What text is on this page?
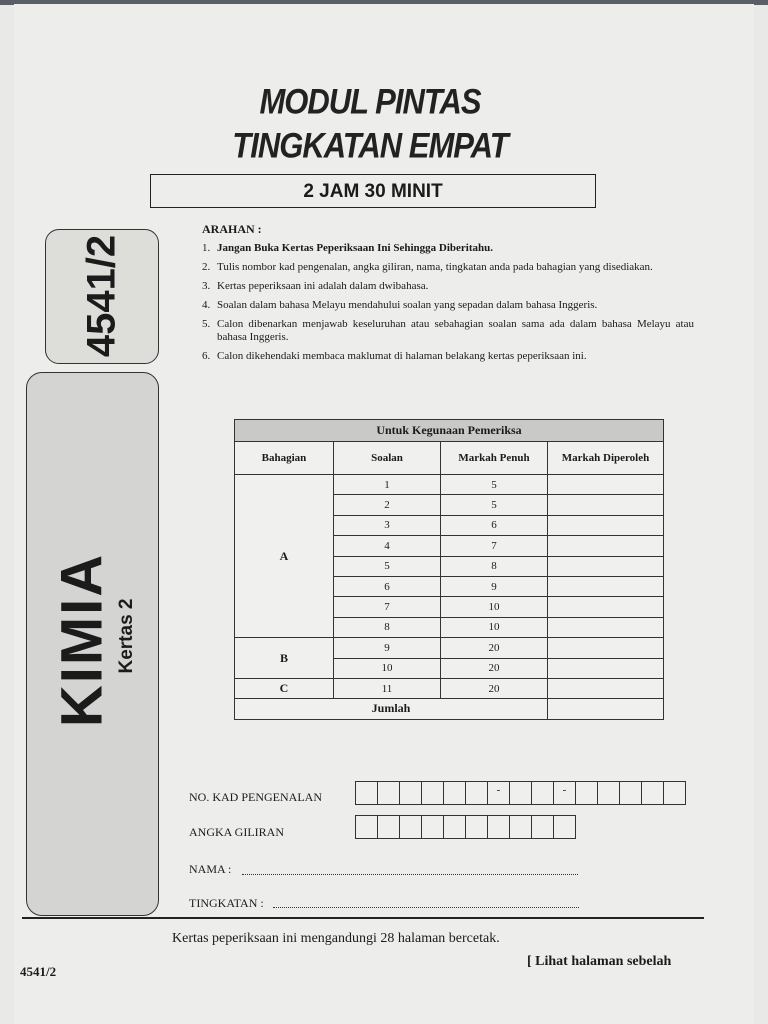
MODUL PINTAS
TINGKATAN EMPAT
2 JAM 30 MINIT
4541/2
KIMIA Kertas 2
ARAHAN :
1. Jangan Buka Kertas Peperiksaan Ini Sehingga Diberitahu.
2. Tulis nombor kad pengenalan, angka giliran, nama, tingkatan anda pada bahagian yang disediakan.
3. Kertas peperiksaan ini adalah dalam dwibahasa.
4. Soalan dalam bahasa Melayu mendahului soalan yang sepadan dalam bahasa Inggeris.
5. Calon dibenarkan menjawab keseluruhan atau sebahagian soalan sama ada dalam bahasa Melayu atau bahasa Inggeris.
6. Calon dikehendaki membaca maklumat di halaman belakang kertas peperiksaan ini.
Untuk Kegunaan Pemeriksa			
Bahagian	Soalan	Markah Penuh	Markah Diperoleh
A	1	5	
	2	5	
	3	6	
	4	7	
	5	8	
	6	9	
	7	10	
	8	10	
B	9	20	
	10	20	
C	11	20	
Jumlah			
NO. KAD PENGENALAN	-	-
ANGKA GILIRAN
NAMA :
TINGKATAN :
Kertas peperiksaan ini mengandungi 28 halaman bercetak.
[ Lihat halaman sebelah
4541/2
